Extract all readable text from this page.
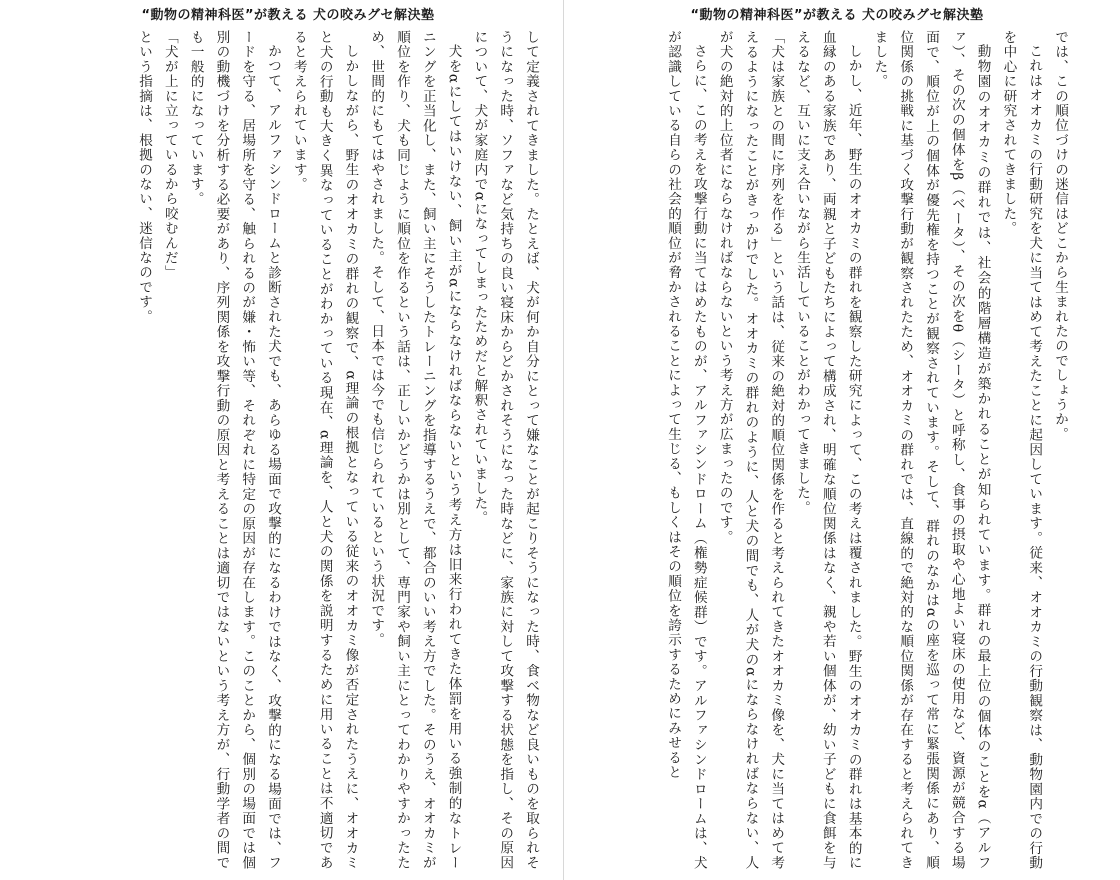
“動物の精神科医”が教える 犬の咬みグセ解決塾

では、この順位づけの迷信はどこから生まれたのでしょうか。

これはオオカミの行動研究を犬に当てはめて考えたことに起因しています。従来、オオカミの行動観察は、動物園内での行動を中心に研究されてきました。

動物園のオオカミの群れでは、社会的階層構造が築かれることが知られています。群れの最上位の個体のことをα（アルファ）、その次の個体をβ（ベータ）、その次をθ（シータ）と呼称し、食事の摂取や心地よい寝床の使用など、資源が競合する場面で、順位が上の個体が優先権を持つことが観察されています。そして、群れのなかはαの座を巡って常に緊張関係にあり、順位関係の挑戦に基づく攻撃行動が観察されたため、オオカミの群れでは、直線的で絶対的な順位関係が存在すると考えられてきました。

しかし、近年、野生のオオカミの群れを観察した研究によって、この考えは覆されました。野生のオオカミの群れは基本的に血縁のある家族であり、両親と子どもたちによって構成され、明確な順位関係はなく、親や若い個体が、幼い子どもに食餌を与えるなど、互いに支え合いながら生活していることがわかってきました。

「犬は家族との間に序列を作る」という話は、従来の絶対的順位関係を作ると考えられてきたオオカミ像を、犬に当てはめて考えるようになったことがきっかけでした。オオカミの群れのように、人と犬の間でも、人が犬のαにならなければならない、人が犬の絶対的上位者にならなければならないという考え方が広まったのです。

さらに、この考えを攻撃行動に当てはめたものが、アルファシンドローム（権勢症候群）です。アルファシンドロームは、犬が認識している自らの社会的順位が脅かされることによって生じる、もしくはその順位を誇示するためにみせると

“動物の精神科医”が教える 犬の咬みグセ解決塾

して定義されてきました。たとえば、犬が何か自分にとって嫌なことが起こりそうになった時、食べ物など良いものを取られそうになった時、ソファなど気持ちの良い寝床からどかされそうになった時などに、家族に対して攻撃する状態を指し、その原因について、犬が家庭内でαになってしまったためだと解釈されていました。

犬をαにしてはいけない、飼い主がαにならなければならないという考え方は旧来行われてきた体罰を用いる強制的なトレーニングを正当化し、また、飼い主にそうしたトレーニングを指導するうえで、都合のいい考え方でした。そのうえ、オオカミが順位を作り、犬も同じように順位を作るという話は、正しいかどうかは別として、専門家や飼い主にとってわかりやすかったため、世間的にもてはやされました。そして、日本では今でも信じられているという状況です。

しかしながら、野生のオオカミの群れの観察で、α理論の根拠となっている従来のオオカミ像が否定されたうえに、オオカミと犬の行動も大きく異なっていることがわかっている現在、α理論を、人と犬の関係を説明するために用いることは不適切であると考えられています。

かつて、アルファシンドロームと診断された犬でも、あらゆる場面で攻撃的になるわけではなく、攻撃的になる場面では、フードを守る、居場所を守る、触られるのが嫌・怖い等、それぞれに特定の原因が存在します。このことから、個別の場面では個別の動機づけを分析する必要があり、序列関係を攻撃行動の原因と考えることは適切ではないという考え方が、行動学者の間でも一般的になっています。

「犬が上に立っているから咬むんだ」

という指摘は、根拠のない、迷信なのです。
